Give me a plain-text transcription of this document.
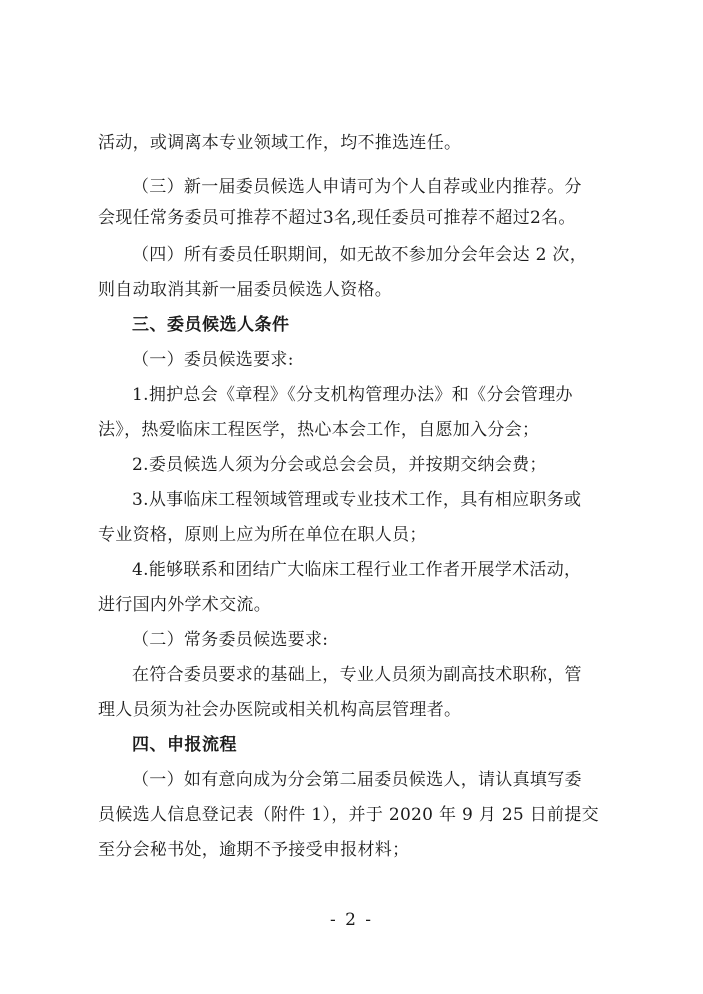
活动，或调离本专业领域工作，均不推选连任。
（三）新一届委员候选人申请可为个人自荐或业内推荐。分
会现任常务委员可推荐不超过3名,现任委员可推荐不超过2名。
（四）所有委员任职期间，如无故不参加分会年会达 2 次，
则自动取消其新一届委员候选人资格。
三、委员候选人条件
（一）委员候选要求:
1.拥护总会《章程》《分支机构管理办法》和《分会管理办
法》，热爱临床工程医学，热心本会工作，自愿加入分会；
2.委员候选人须为分会或总会会员，并按期交纳会费；
3.从事临床工程领域管理或专业技术工作，具有相应职务或
专业资格，原则上应为所在单位在职人员；
4.能够联系和团结广大临床工程行业工作者开展学术活动，
进行国内外学术交流。
（二）常务委员候选要求:
在符合委员要求的基础上，专业人员须为副高技术职称，管
理人员须为社会办医院或相关机构高层管理者。
四、申报流程
（一）如有意向成为分会第二届委员候选人，请认真填写委
员候选人信息登记表（附件 1），并于 2020 年 9 月 25 日前提交
至分会秘书处，逾期不予接受申报材料；
- 2 -
